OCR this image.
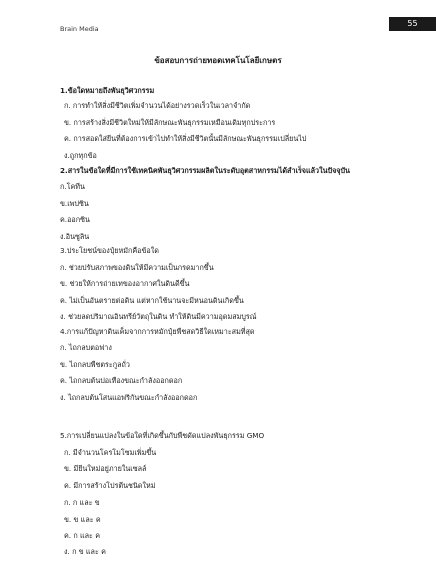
55
Brain Media
ข้อสอบการถ่ายทอดเทคโนโลยีเกษตร
1.ข้อใดหมายถึงพันธุวิศวกรรม
ก. การทำให้สิ่งมีชีวิตเพิ่มจำนวนได้อย่างรวดเร็วในเวลาจำกัด
ข. การสร้างสิ่งมีชีวิตใหม่ให้มีลักษณะพันธุกรรมเหมือนเดิมทุกประการ
ค. การสอดใส่ยีนที่ต้องการเข้าไปทำให้สิ่งมีชีวิตนั้นมีลักษณะพันธุกรรมเปลี่ยนไป
ง.ถูกทุกข้อ
2.สารในข้อใดที่มีการใช้เทคนิคพันธุวิศวกรรมผลิตในระดับอุตสาหกรรมได้สำเร็จแล้วในปัจจุบัน
ก.โคทีน
ข.เพปซิน
ค.ออกซิน
ง.อินซูลิน
3.ประโยชน์ของปุ๋ยหมักคือข้อใด
ก. ช่วยปรับสภาพของดินให้มีความเป็นกรดมากขึ้น
ข. ช่วยให้การถ่ายเทของอากาศในดินดีขึ้น
ค. ไม่เป็นอันตรายต่อดิน แต่หากใช้นานจะมีหนอนดินเกิดขึ้น
ง. ช่วยลดปริมาณอินทรีย์วัตถุในดิน ทำให้ดินมีความอุดมสมบูรณ์
4.การแก้ปัญหาดินเค็มจากการหมักปุ๋ยพืชสดวิธีใดเหมาะสมที่สุด
ก. ไถกลบตอฟาง
ข. ไถกลบพืชตระกูลถั่ว
ค. ไถกลบต้นปอเทืองขณะกำลังออกดอก
ง. ไถกลบต้นโสนแอฟริกันขณะกำลังออกดอก
5.การเปลี่ยนแปลงในข้อใดที่เกิดขึ้นกับพืชดัดแปลงพันธุกรรม GMO
ก. มีจำนวนโครโมโซมเพิ่มขึ้น
ข. มียีนใหม่อยู่ภายในเซลล์
ค. มีการสร้างโปรตีนชนิดใหม่
ก. ก และ ข
ข. ข และ ค
ค. ก และ ค
ง. ก ข และ ค
